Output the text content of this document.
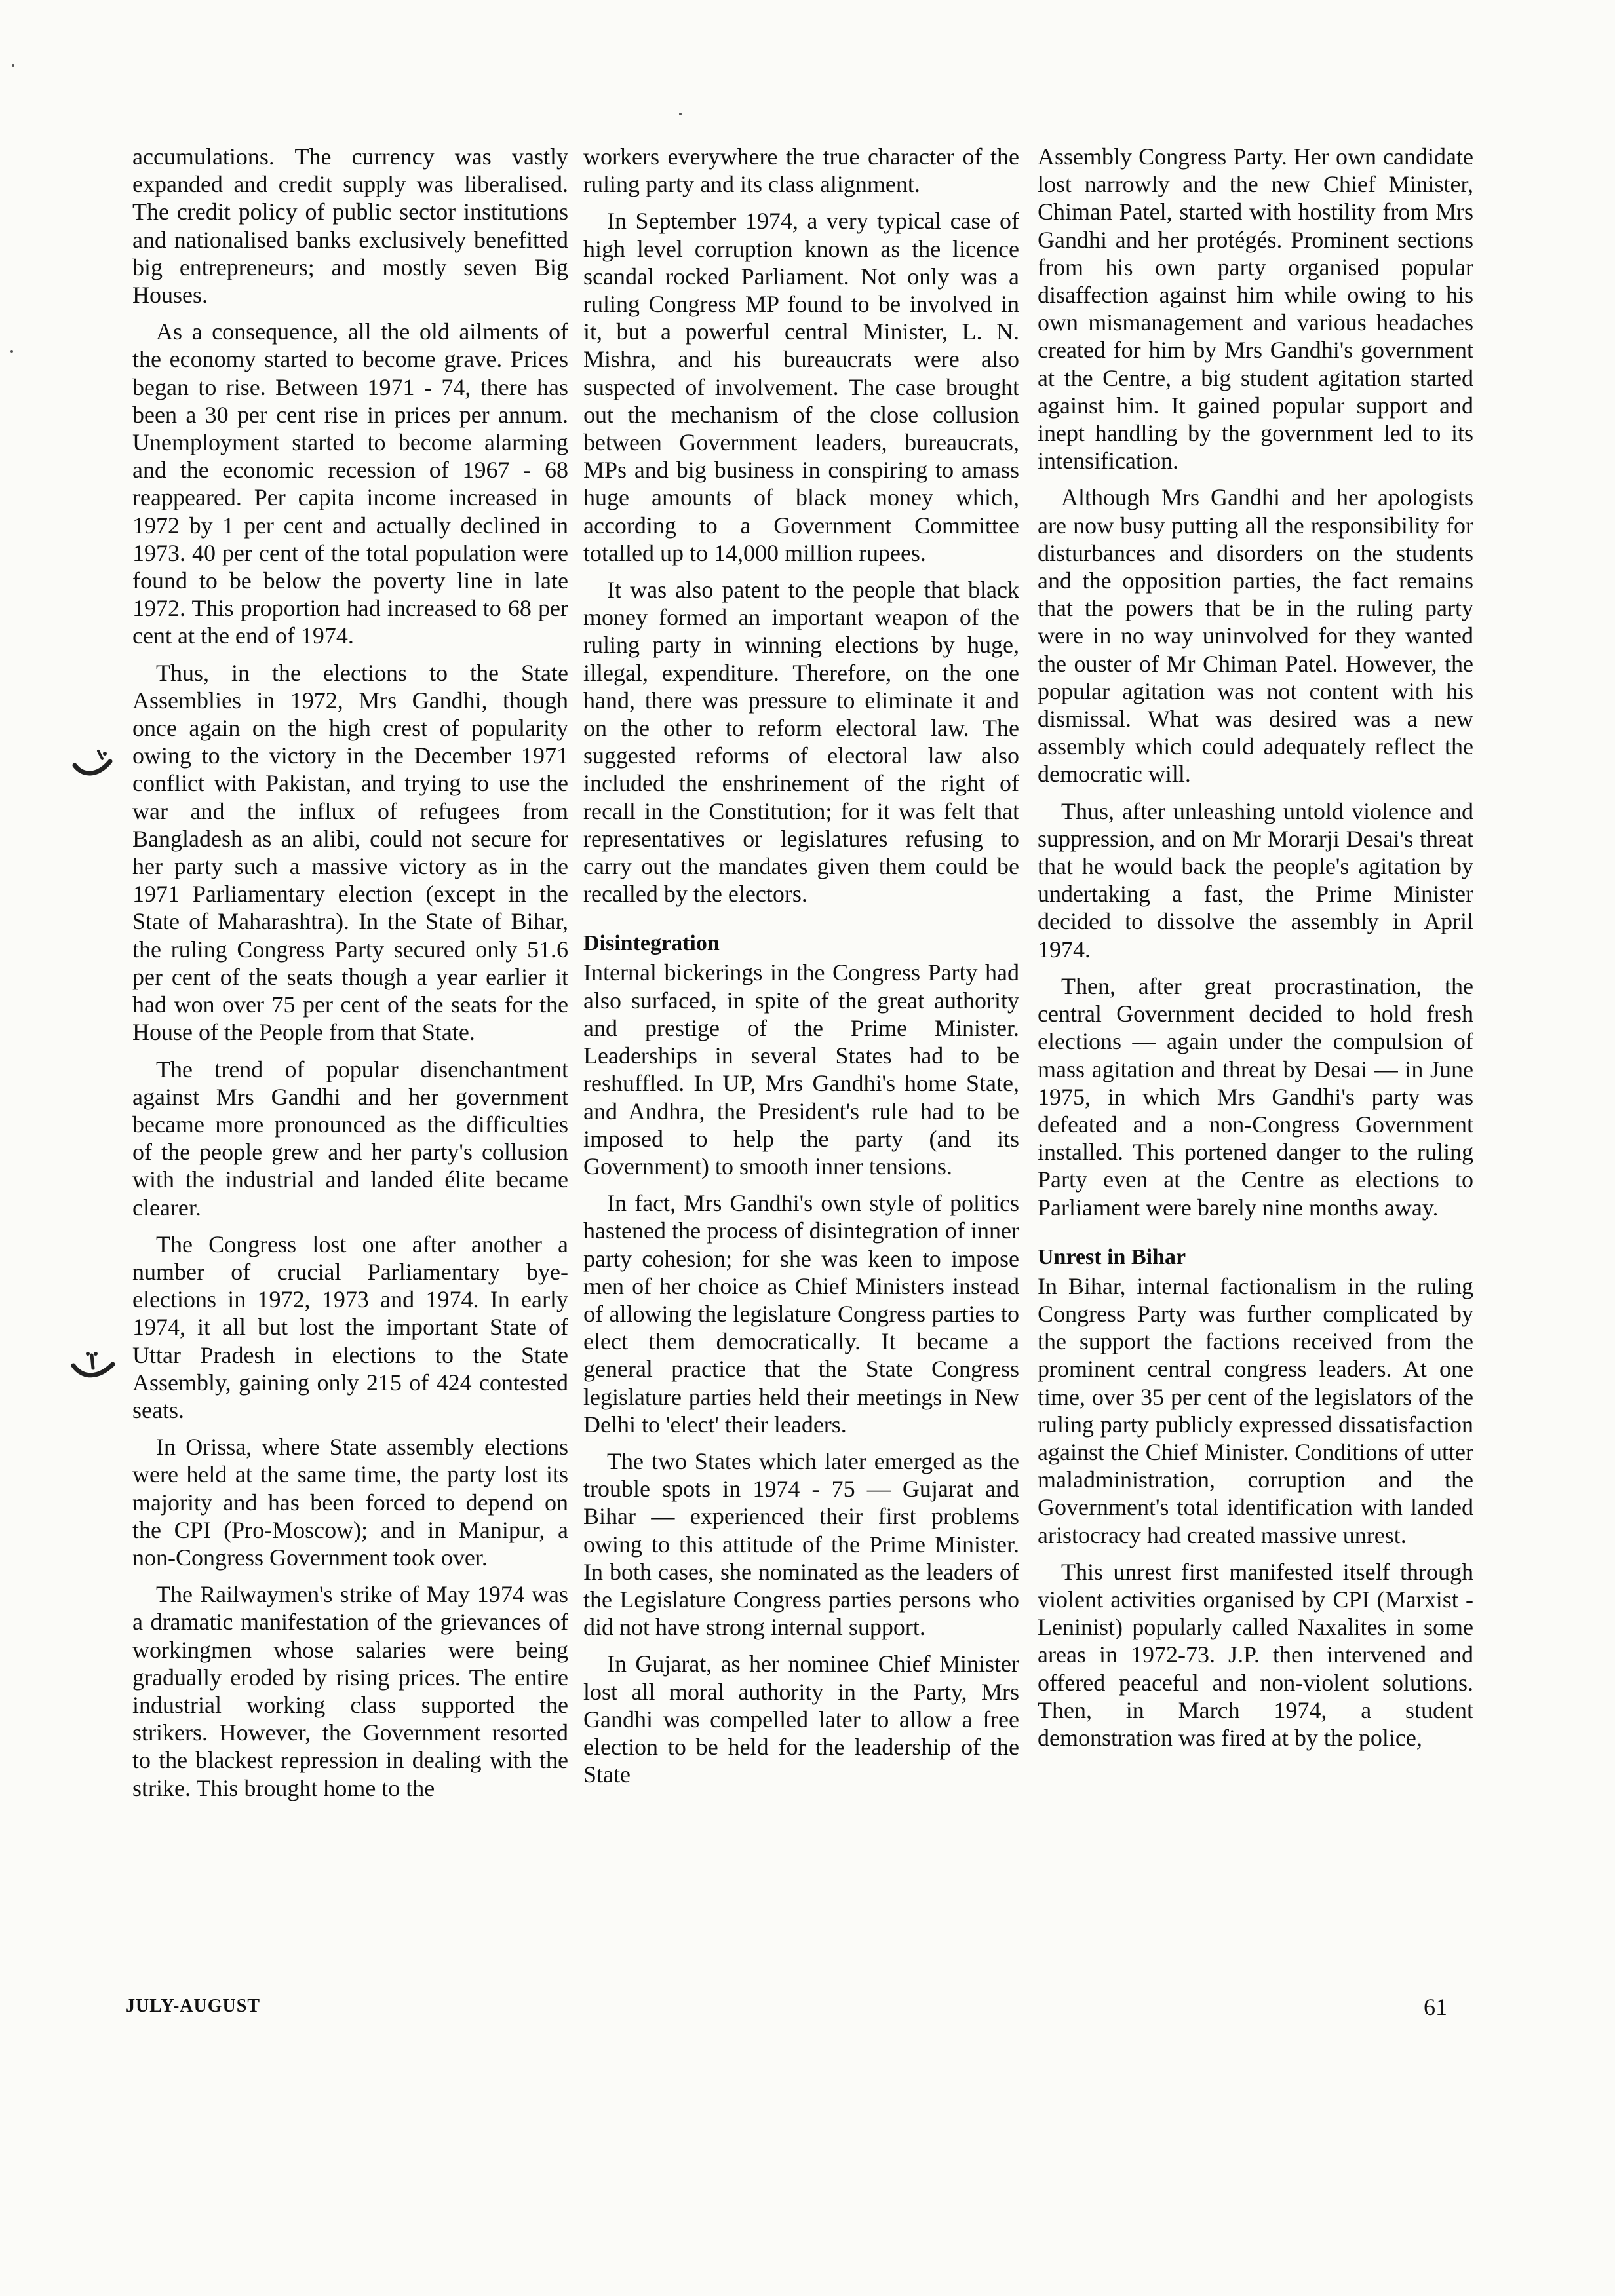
accumulations. The currency was vastly expanded and credit supply was liberalised. The credit policy of public sector institutions and nationalised banks exclusively benefitted big entrepreneurs; and mostly seven Big Houses.

As a consequence, all the old ailments of the economy started to become grave. Prices began to rise. Between 1971 - 74, there has been a 30 per cent rise in prices per annum. Unemployment started to become alarming and the economic recession of 1967 - 68 reappeared. Per capita income increased in 1972 by 1 per cent and actually declined in 1973. 40 per cent of the total population were found to be below the poverty line in late 1972. This proportion had increased to 68 per cent at the end of 1974.

Thus, in the elections to the State Assemblies in 1972, Mrs Gandhi, though once again on the high crest of popularity owing to the victory in the December 1971 conflict with Pakistan, and trying to use the war and the influx of refugees from Bangladesh as an alibi, could not secure for her party such a massive victory as in the 1971 Parliamentary election (except in the State of Maharashtra). In the State of Bihar, the ruling Congress Party secured only 51.6 per cent of the seats though a year earlier it had won over 75 per cent of the seats for the House of the People from that State.

The trend of popular disenchantment against Mrs Gandhi and her government became more pronounced as the difficulties of the people grew and her party's collusion with the industrial and landed élite became clearer.

The Congress lost one after another a number of crucial Parliamentary bye-elections in 1972, 1973 and 1974. In early 1974, it all but lost the important State of Uttar Pradesh in elections to the State Assembly, gaining only 215 of 424 contested seats.

In Orissa, where State assembly elections were held at the same time, the party lost its majority and has been forced to depend on the CPI (Pro-Moscow); and in Manipur, a non-Congress Government took over.

The Railwaymen's strike of May 1974 was a dramatic manifestation of the grievances of workingmen whose salaries were being gradually eroded by rising prices. The entire industrial working class supported the strikers. However, the Government resorted to the blackest repression in dealing with the strike. This brought home to the

workers everywhere the true character of the ruling party and its class alignment.

In September 1974, a very typical case of high level corruption known as the licence scandal rocked Parliament. Not only was a ruling Congress MP found to be involved in it, but a powerful central Minister, L. N. Mishra, and his bureaucrats were also suspected of involvement. The case brought out the mechanism of the close collusion between Government leaders, bureaucrats, MPs and big business in conspiring to amass huge amounts of black money which, according to a Government Committee totalled up to 14,000 million rupees.

It was also patent to the people that black money formed an important weapon of the ruling party in winning elections by huge, illegal, expenditure. Therefore, on the one hand, there was pressure to eliminate it and on the other to reform electoral law. The suggested reforms of electoral law also included the enshrinement of the right of recall in the Constitution; for it was felt that representatives or legislatures refusing to carry out the mandates given them could be recalled by the electors.

Disintegration

Internal bickerings in the Congress Party had also surfaced, in spite of the great authority and prestige of the Prime Minister. Leaderships in several States had to be reshuffled. In UP, Mrs Gandhi's home State, and Andhra, the President's rule had to be imposed to help the party (and its Government) to smooth inner tensions.

In fact, Mrs Gandhi's own style of politics hastened the process of disintegration of inner party cohesion; for she was keen to impose men of her choice as Chief Ministers instead of allowing the legislature Congress parties to elect them democratically. It became a general practice that the State Congress legislature parties held their meetings in New Delhi to 'elect' their leaders.

The two States which later emerged as the trouble spots in 1974 - 75 — Gujarat and Bihar — experienced their first problems owing to this attitude of the Prime Minister. In both cases, she nominated as the leaders of the Legislature Congress parties persons who did not have strong internal support.

In Gujarat, as her nominee Chief Minister lost all moral authority in the Party, Mrs Gandhi was compelled later to allow a free election to be held for the leadership of the State

Assembly Congress Party. Her own candidate lost narrowly and the new Chief Minister, Chiman Patel, started with hostility from Mrs Gandhi and her protégés. Prominent sections from his own party organised popular disaffection against him while owing to his own mismanagement and various headaches created for him by Mrs Gandhi's government at the Centre, a big student agitation started against him. It gained popular support and inept handling by the government led to its intensification.

Although Mrs Gandhi and her apologists are now busy putting all the responsibility for disturbances and disorders on the students and the opposition parties, the fact remains that the powers that be in the ruling party were in no way uninvolved for they wanted the ouster of Mr Chiman Patel. However, the popular agitation was not content with his dismissal. What was desired was a new assembly which could adequately reflect the democratic will.

Thus, after unleashing untold violence and suppression, and on Mr Morarji Desai's threat that he would back the people's agitation by undertaking a fast, the Prime Minister decided to dissolve the assembly in April 1974.

Then, after great procrastination, the central Government decided to hold fresh elections — again under the compulsion of mass agitation and threat by Desai — in June 1975, in which Mrs Gandhi's party was defeated and a non-Congress Government installed. This portened danger to the ruling Party even at the Centre as elections to Parliament were barely nine months away.

Unrest in Bihar

In Bihar, internal factionalism in the ruling Congress Party was further complicated by the support the factions received from the prominent central congress leaders. At one time, over 35 per cent of the legislators of the ruling party publicly expressed dissatisfaction against the Chief Minister. Conditions of utter maladministration, corruption and the Government's total identification with landed aristocracy had created massive unrest.

This unrest first manifested itself through violent activities organised by CPI (Marxist - Leninist) popularly called Naxalites in some areas in 1972-73. J.P. then intervened and offered peaceful and non-violent solutions. Then, in March 1974, a student demonstration was fired at by the police,

JULY-AUGUST	61
